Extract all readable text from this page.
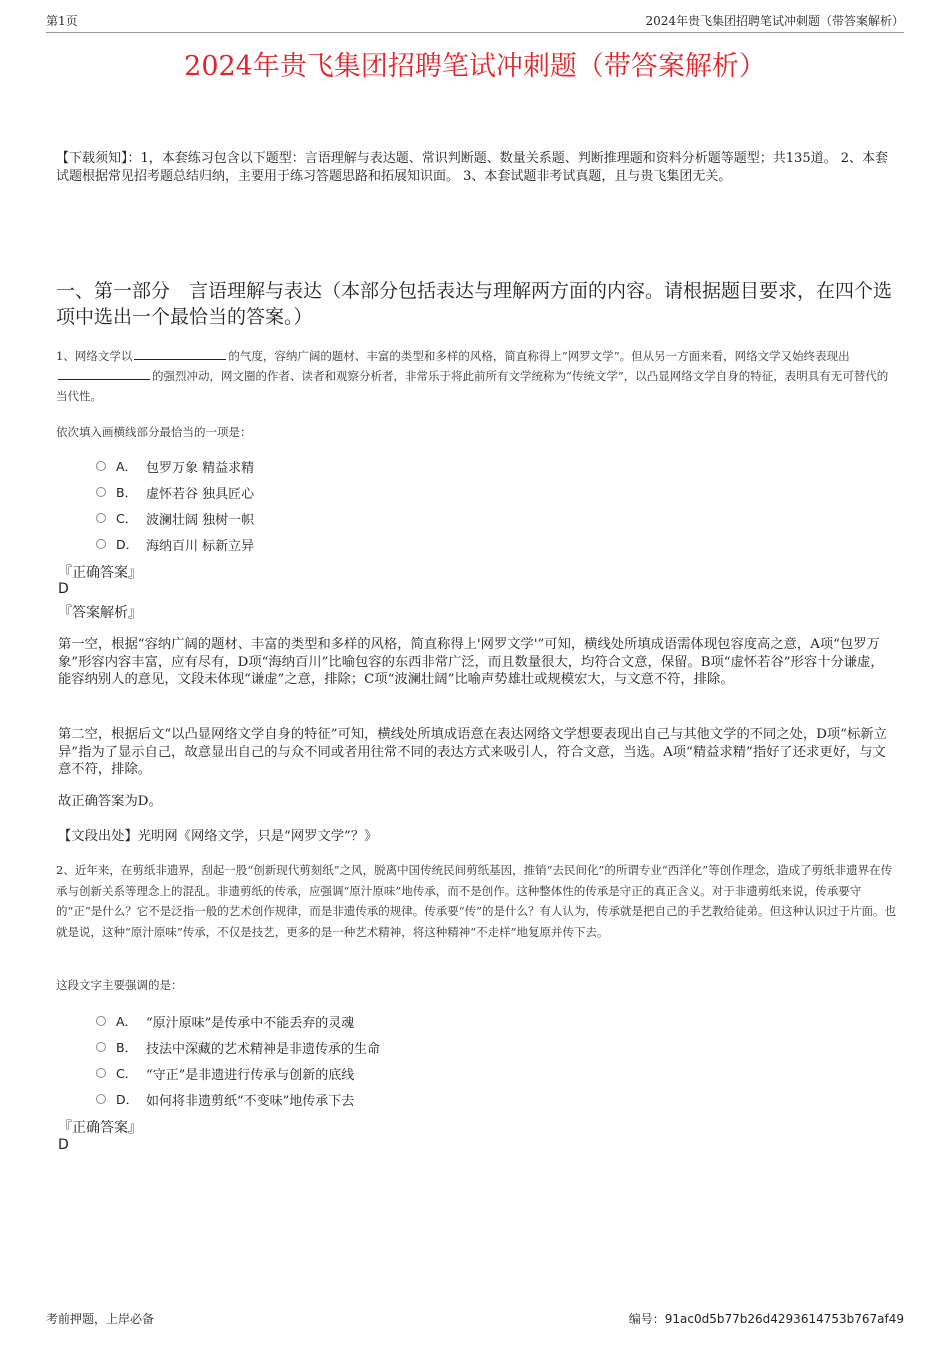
第1页	2024年贵飞集团招聘笔试冲刺题（带答案解析）
2024年贵飞集团招聘笔试冲刺题（带答案解析）
【下载须知】：1，本套练习包含以下题型：言语理解与表达题、常识判断题、数量关系题、判断推理题和资料分析题等题型；共135道。 2、本套试题根据常见招考题总结归纳，主要用于练习答题思路和拓展知识面。 3、本套试题非考试真题，且与贵飞集团无关。
一、第一部分　言语理解与表达（本部分包括表达与理解两方面的内容。请根据题目要求，在四个选项中选出一个最恰当的答案。）
1、网络文学以	的气度，容纳广阔的题材、丰富的类型和多样的风格，简直称得上“网罗文学”。但从另一方面来看，网络文学又始终表现出的强烈冲动，网文圈的作者、读者和观察分析者，非常乐于将此前所有文学统称为“传统文学”，以凸显网络文学自身的特征，表明具有无可替代的当代性。
依次填入画横线部分最恰当的一项是：
A． 包罗万象 精益求精
B． 虚怀若谷 独具匠心
C． 波澜壮阔 独树一帜
D． 海纳百川 标新立异
『正确答案』
D
『答案解析』
第一空，根据“容纳广阔的题材、丰富的类型和多样的风格，简直称得上'网罗文学'”可知，横线处所填成语需体现包容度高之意，A项“包罗万象”形容内容丰富，应有尽有，D项“海纳百川”比喻包容的东西非常广泛，而且数量很大，均符合文意，保留。B项“虚怀若谷”形容十分谦虚，能容纳别人的意见，文段未体现“谦虚”之意，排除；C项“波澜壮阔”比喻声势雄壮或规模宏大，与文意不符，排除。
第二空，根据后文“以凸显网络文学自身的特征”可知，横线处所填成语意在表达网络文学想要表现出自己与其他文学的不同之处，D项“标新立异”指为了显示自己，故意显出自己的与众不同或者用往常不同的表达方式来吸引人，符合文意，当选。A项“精益求精”指好了还求更好，与文意不符，排除。
故正确答案为D。
【文段出处】光明网《网络文学，只是“网罗文学”？》
2、近年来，在剪纸非遗界，刮起一股“创新现代剪刻纸”之风，脱离中国传统民间剪纸基因，推销“去民间化”的所谓专业“西洋化”等创作理念，造成了剪纸非遗界在传承与创新关系等理念上的混乱。非遗剪纸的传承，应强调“原汁原味”地传承，而不是创作。这种整体性的传承是守正的真正含义。对于非遗剪纸来说，传承要守的“正”是什么？它不是泛指一般的艺术创作规律，而是非遗传承的规律。传承要“传”的是什么？有人认为，传承就是把自己的手艺教给徒弟。但这种认识过于片面。也就是说，这种“原汁原味”传承，不仅是技艺，更多的是一种艺术精神，将这种精神“不走样”地复原并传下去。
这段文字主要强调的是：
A． “原汁原味”是传承中不能丢弃的灵魂
B． 技法中深藏的艺术精神是非遗传承的生命
C． “守正”是非遗进行传承与创新的底线
D． 如何将非遗剪纸“不变味”地传承下去
『正确答案』
D
考前押题，上岸必备	编号：91ac0d5b77b26d4293614753b767af49
